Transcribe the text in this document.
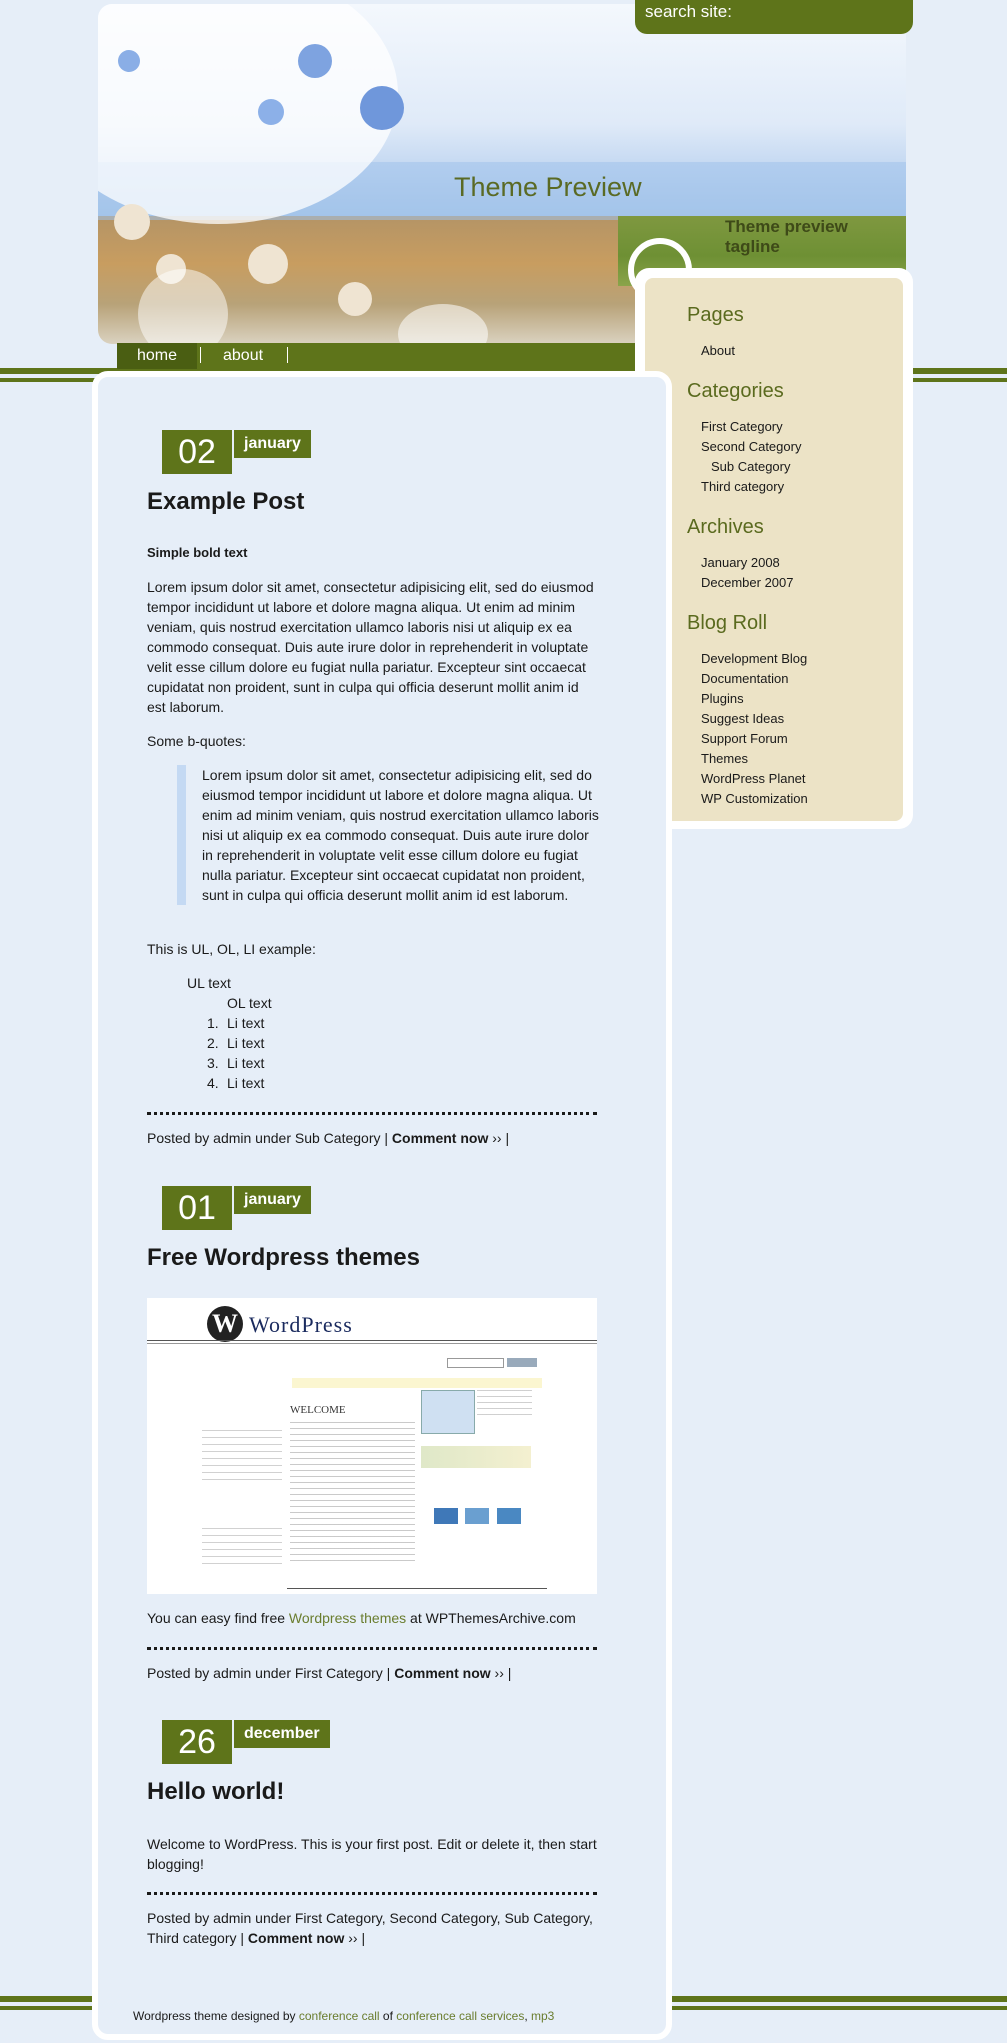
Theme Preview
Theme preview tagline
search site:
home	about
Pages
About
Categories
First Category
Second Category
Sub Category
Third category
Archives
January 2008
December 2007
Blog Roll
Development Blog
Documentation
Plugins
Suggest Ideas
Support Forum
Themes
WordPress Planet
WP Customization
02	january
Example Post
Simple bold text
Lorem ipsum dolor sit amet, consectetur adipisicing elit, sed do eiusmod tempor incididunt ut labore et dolore magna aliqua. Ut enim ad minim veniam, quis nostrud exercitation ullamco laboris nisi ut aliquip ex ea commodo consequat. Duis aute irure dolor in reprehenderit in voluptate velit esse cillum dolore eu fugiat nulla pariatur. Excepteur sint occaecat cupidatat non proident, sunt in culpa qui officia deserunt mollit anim id est laborum.
Some b-quotes:
Lorem ipsum dolor sit amet, consectetur adipisicing elit, sed do eiusmod tempor incididunt ut labore et dolore magna aliqua. Ut enim ad minim veniam, quis nostrud exercitation ullamco laboris nisi ut aliquip ex ea commodo consequat. Duis aute irure dolor in reprehenderit in voluptate velit esse cillum dolore eu fugiat nulla pariatur. Excepteur sint occaecat cupidatat non proident, sunt in culpa qui officia deserunt mollit anim id est laborum.
This is UL, OL, LI example:
UL text
OL text
1. Li text
2. Li text
3. Li text
4. Li text
Posted by admin under Sub Category | Comment now ›› |
01	january
Free Wordpress themes
W WordPress
WELCOME
You can easy find free Wordpress themes at WPThemesArchive.com
Posted by admin under First Category | Comment now ›› |
26	december
Hello world!
Welcome to WordPress. This is your first post. Edit or delete it, then start blogging!
Posted by admin under First Category, Second Category, Sub Category, Third category | Comment now ›› |
Wordpress theme designed by conference call of conference call services, mp3
